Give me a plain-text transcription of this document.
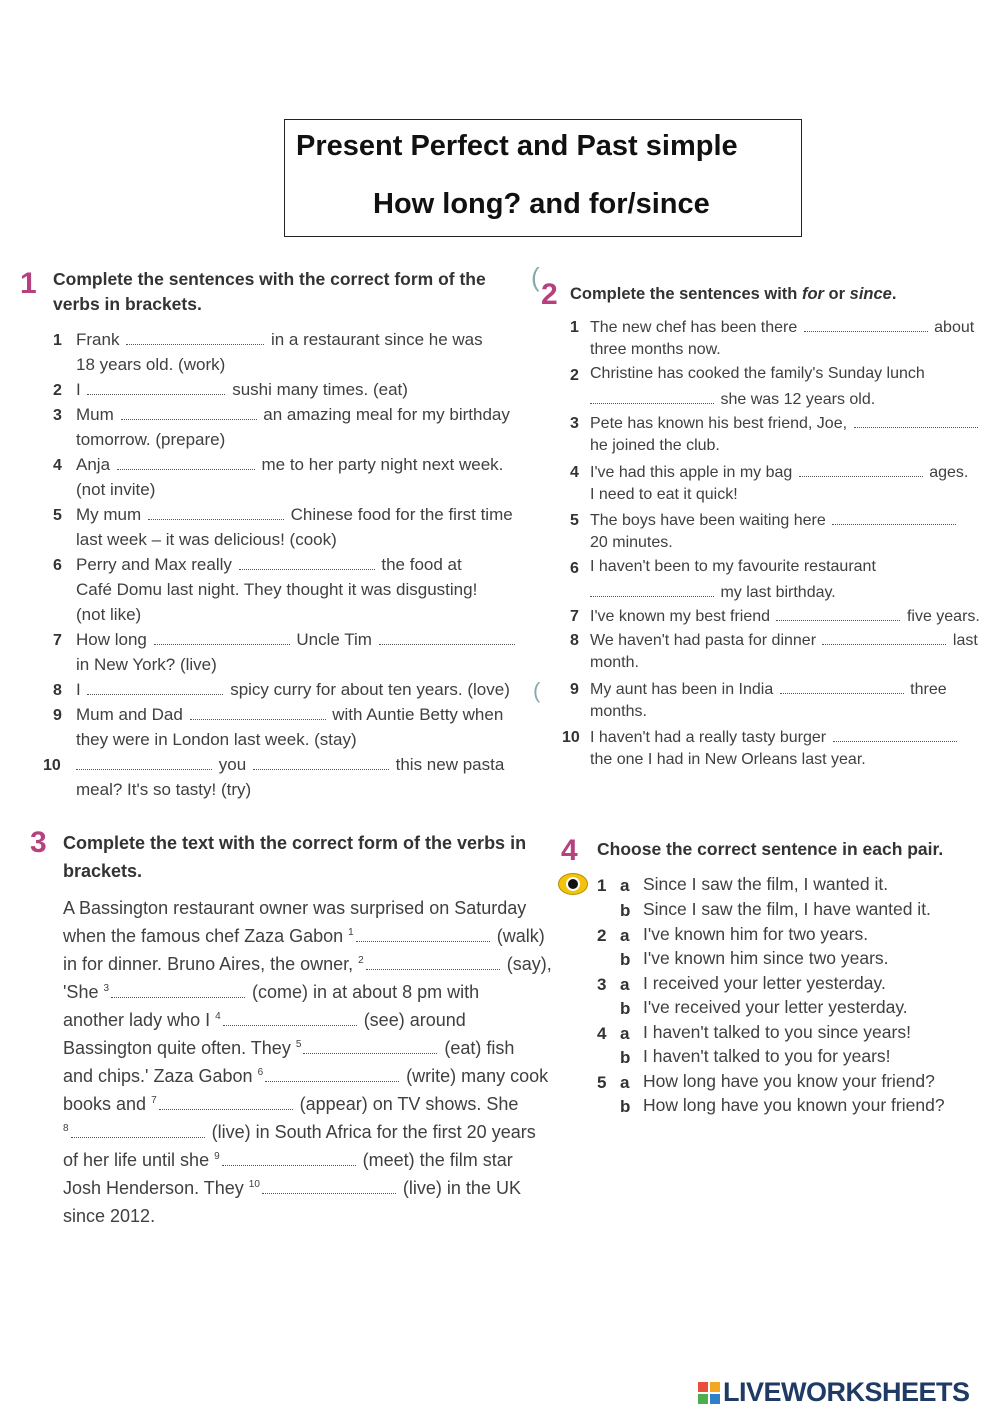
Present Perfect and Past simple
How long? and for/since
1 Complete the sentences with the correct form of the
verbs in brackets.
1 Frank	in a restaurant since he was
18 years old. (work)
2 I	sushi many times. (eat)
3 Mum	an amazing meal for my birthday
tomorrow. (prepare)
4 Anja	me to her party night next week.
(not invite)
5 My mum	Chinese food for the first time
last week – it was delicious! (cook)
6 Perry and Max really	the food at
Café Domu last night. They thought it was disgusting!
(not like)
7 How long	Uncle Tim
in New York? (live)
8 I	spicy curry for about ten years. (love)
9 Mum and Dad	with Auntie Betty when
they were in London last week. (stay)
10	you	this new pasta
meal? It's so tasty! (try)
(
(
2 Complete the sentences with for or since.
1 The new chef has been there	about
three months now.
2 Christine has cooked the family's Sunday lunch
she was 12 years old.
3 Pete has known his best friend, Joe,
he joined the club.
4 I've had this apple in my bag	ages.
I need to eat it quick!
5 The boys have been waiting here
20 minutes.
6 I haven't been to my favourite restaurant
my last birthday.
7 I've known my best friend	five years.
8 We haven't had pasta for dinner	last
month.
9 My aunt has been in India	three
months.
10 I haven't had a really tasty burger
the one I had in New Orleans last year.
3 Complete the text with the correct form of the verbs in
brackets.
A Bassington restaurant owner was surprised on Saturday
when the famous chef Zaza Gabon $^1$	(walk)
in for dinner. Bruno Aires, the owner, $^2$	(say),
'She $^3$	(come) in at about 8 pm with
another lady who I $^4$	(see) around
Bassington quite often. They $^5$	(eat) fish
and chips.' Zaza Gabon $^6$	(write) many cook
books and $^7$	(appear) on TV shows. She
$^8$	(live) in South Africa for the first 20 years
of her life until she $^9$	(meet) the film star
Josh Henderson. They $^{10}$	(live) in the UK
since 2012.
4 Choose the correct sentence in each pair.
1 a Since I saw the film, I wanted it.
b Since I saw the film, I have wanted it.
2 a I've known him for two years.
b I've known him since two years.
3 a I received your letter yesterday.
b I've received your letter yesterday.
4 a I haven't talked to you since years!
b I haven't talked to you for years!
5 a How long have you know your friend?
b How long have you known your friend?
LIVEWORKSHEETS
